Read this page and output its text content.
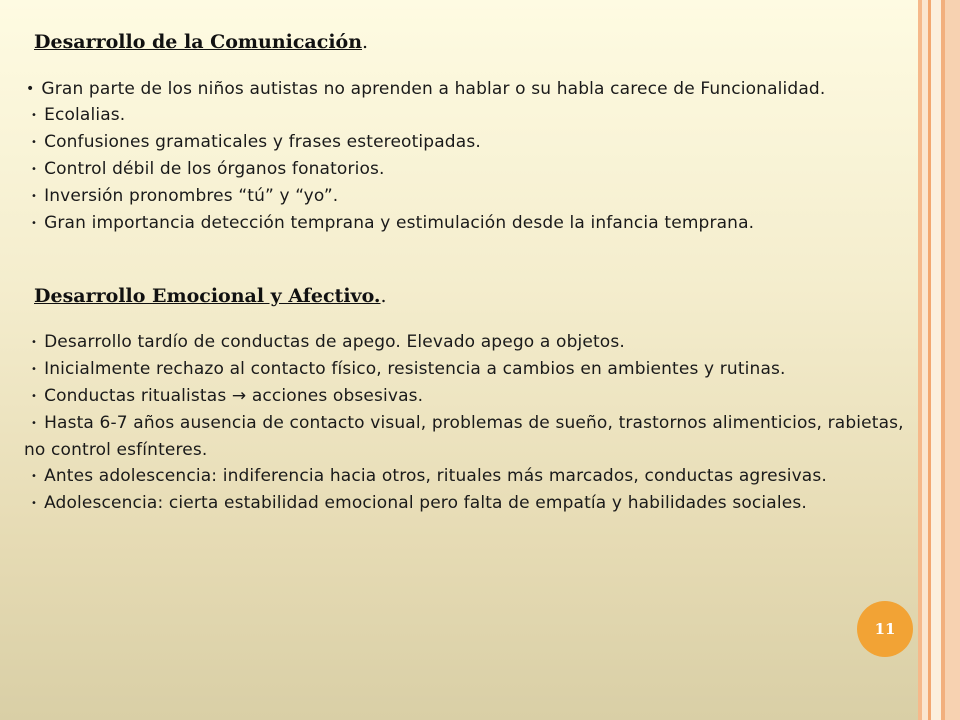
Desarrollo de la Comunicación.
• Gran parte de los niños autistas no aprenden a hablar o su habla carece de Funcionalidad.
• Ecolalias.
• Confusiones gramaticales y frases estereotipadas.
• Control débil de los órganos fonatorios.
• Inversión pronombres “tú” y “yo”.
• Gran importancia detección temprana y estimulación desde la infancia temprana.
Desarrollo Emocional y Afectivo..
• Desarrollo tardío de conductas de apego. Elevado apego a objetos.
• Inicialmente rechazo al contacto físico, resistencia a cambios en ambientes y rutinas.
• Conductas ritualistas → acciones obsesivas.
• Hasta 6-7 años ausencia de contacto visual, problemas de sueño, trastornos alimenticios, rabietas, no control esfínteres.
• Antes adolescencia: indiferencia hacia otros, rituales más marcados, conductas agresivas.
• Adolescencia: cierta estabilidad emocional pero falta de empatía y habilidades sociales.
11
